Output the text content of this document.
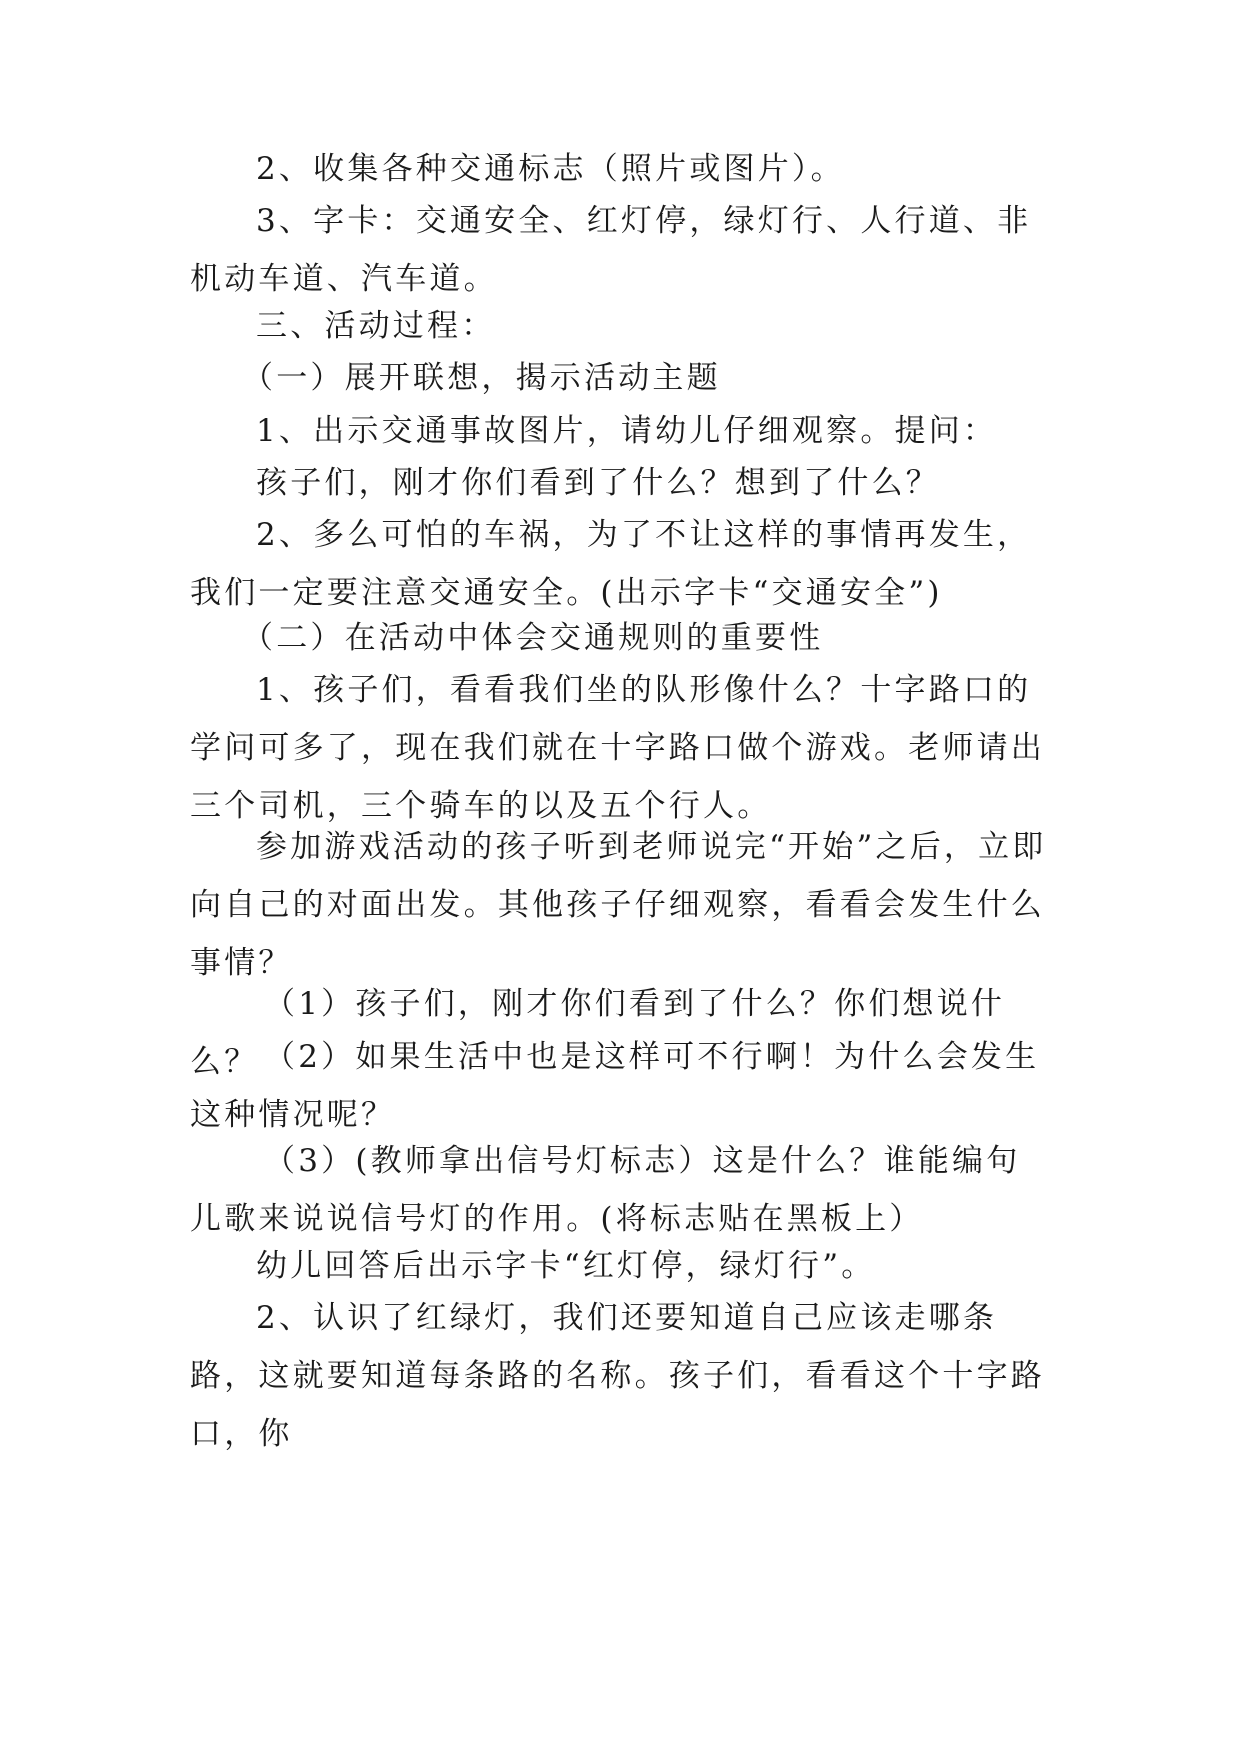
2、收集各种交通标志（照片或图片）。

3、字卡：交通安全、红灯停，绿灯行、人行道、非机动车道、汽车道。

三、活动过程：

（一）展开联想，揭示活动主题

1、出示交通事故图片，请幼儿仔细观察。提问：

孩子们，刚才你们看到了什么？想到了什么？

2、多么可怕的车祸，为了不让这样的事情再发生，我们一定要注意交通安全。(出示字卡“交通安全”)

（二）在活动中体会交通规则的重要性

1、孩子们，看看我们坐的队形像什么？十字路口的学问可多了，现在我们就在十字路口做个游戏。老师请出三个司机，三个骑车的以及五个行人。

参加游戏活动的孩子听到老师说完“开始”之后，立即向自己的对面出发。其他孩子仔细观察，看看会发生什么事情？

（1）孩子们，刚才你们看到了什么？你们想说什么？ （2）如果生活中也是这样可不行啊！为什么会发生这种情况呢？

（3）(教师拿出信号灯标志）这是什么？谁能编句儿歌来说说信号灯的作用。(将标志贴在黑板上）

幼儿回答后出示字卡“红灯停，绿灯行”。

2、认识了红绿灯，我们还要知道自己应该走哪条路，这就要知道每条路的名称。孩子们，看看这个十字路口，你
